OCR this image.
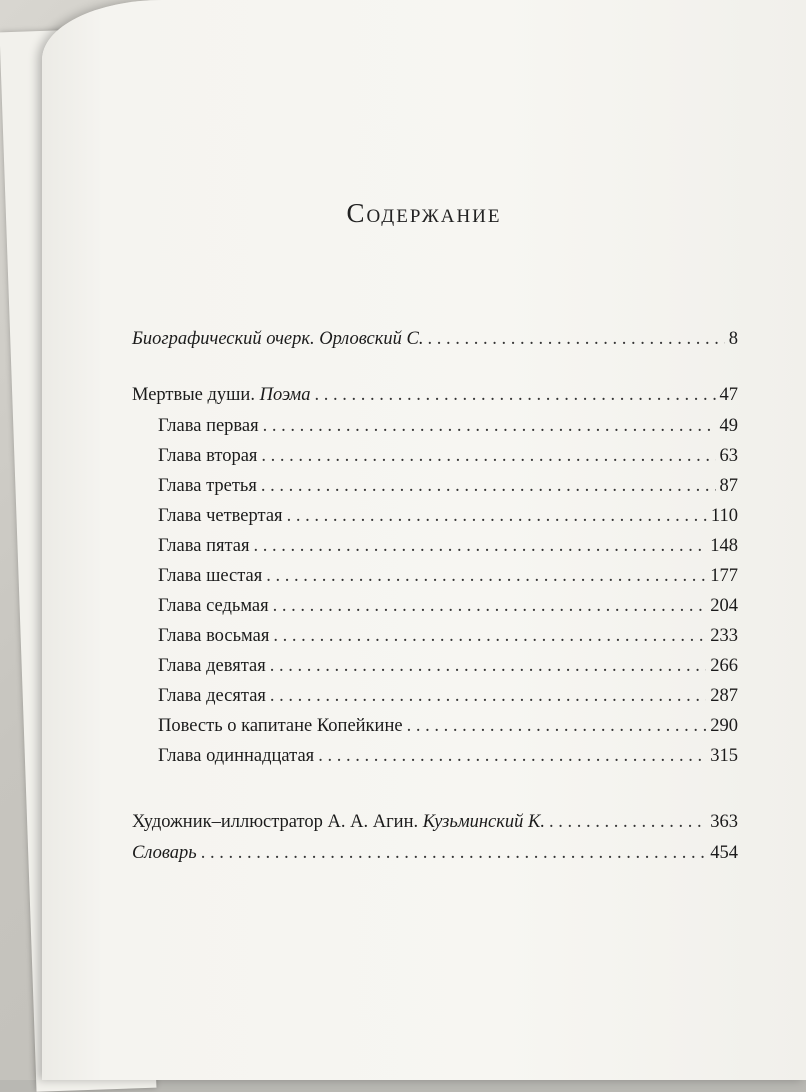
Содержание
Биографический очерк. Орловский С. . . .	8
Мертвые души. Поэма . . .	47
Глава первая . . .	49
Глава вторая . . .	63
Глава третья . . .	87
Глава четвертая . . .	110
Глава пятая . . .	148
Глава шестая . . .	177
Глава седьмая . . .	204
Глава восьмая . . .	233
Глава девятая . . .	266
Глава десятая . . .	287
Повесть о капитане Копейкине . . .	290
Глава одиннадцатая . . .	315
Художник–иллюстратор А. А. Агин. Кузьминский К. . . .	363
Словарь . . .	454
